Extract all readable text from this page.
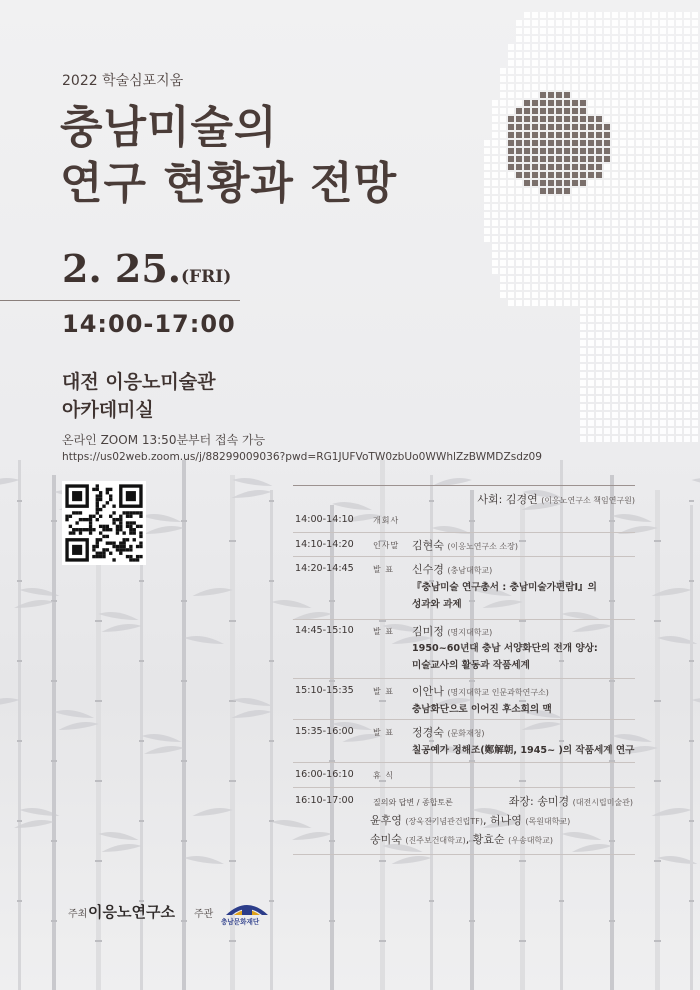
2022 학술심포지움
충남미술의
연구 현황과 전망
2. 25.(FRI)
14:00-17:00
대전 이응노미술관
아카데미실
온라인 ZOOM 13:50분부터 접속 가능
https://us02web.zoom.us/j/88299009036?pwd=RG1JUFVoTW0zbUo0WWhlZzBWMDZsdz09
사회: 김경연 (이응노연구소 책임연구원)
14:00-14:10 개회사
14:10-14:20 인사말 김현숙 (이응노연구소 소장)
14:20-14:45 발 표 신수경 (충남대학교)
『충남미술 연구총서 : 충남미술가편람Ⅰ』의
성과와 과제
14:45-15:10 발 표 김미정 (명지대학교)
1950~60년대 충남 서양화단의 전개 양상:
미술교사의 활동과 작품세계
15:10-15:35 발 표 이안나 (명지대학교 인문과학연구소)
충남화단으로 이어진 후소회의 맥
15:35-16:00 발 표 정경숙 (문화재청)
칠공예가 정해조(鄭解朝, 1945~ )의 작품세계 연구
16:00-16:10 휴 식
16:10-17:00 질의와 답변 / 종합토론	좌장: 송미경 (대전시립미술관)
윤후영 (장욱진기념관건립TF), 허나영 (목원대학교)
송미숙 (진주보건대학교), 황효순 (우송대학교)
주최 이응노연구소 주관
충남문화재단
